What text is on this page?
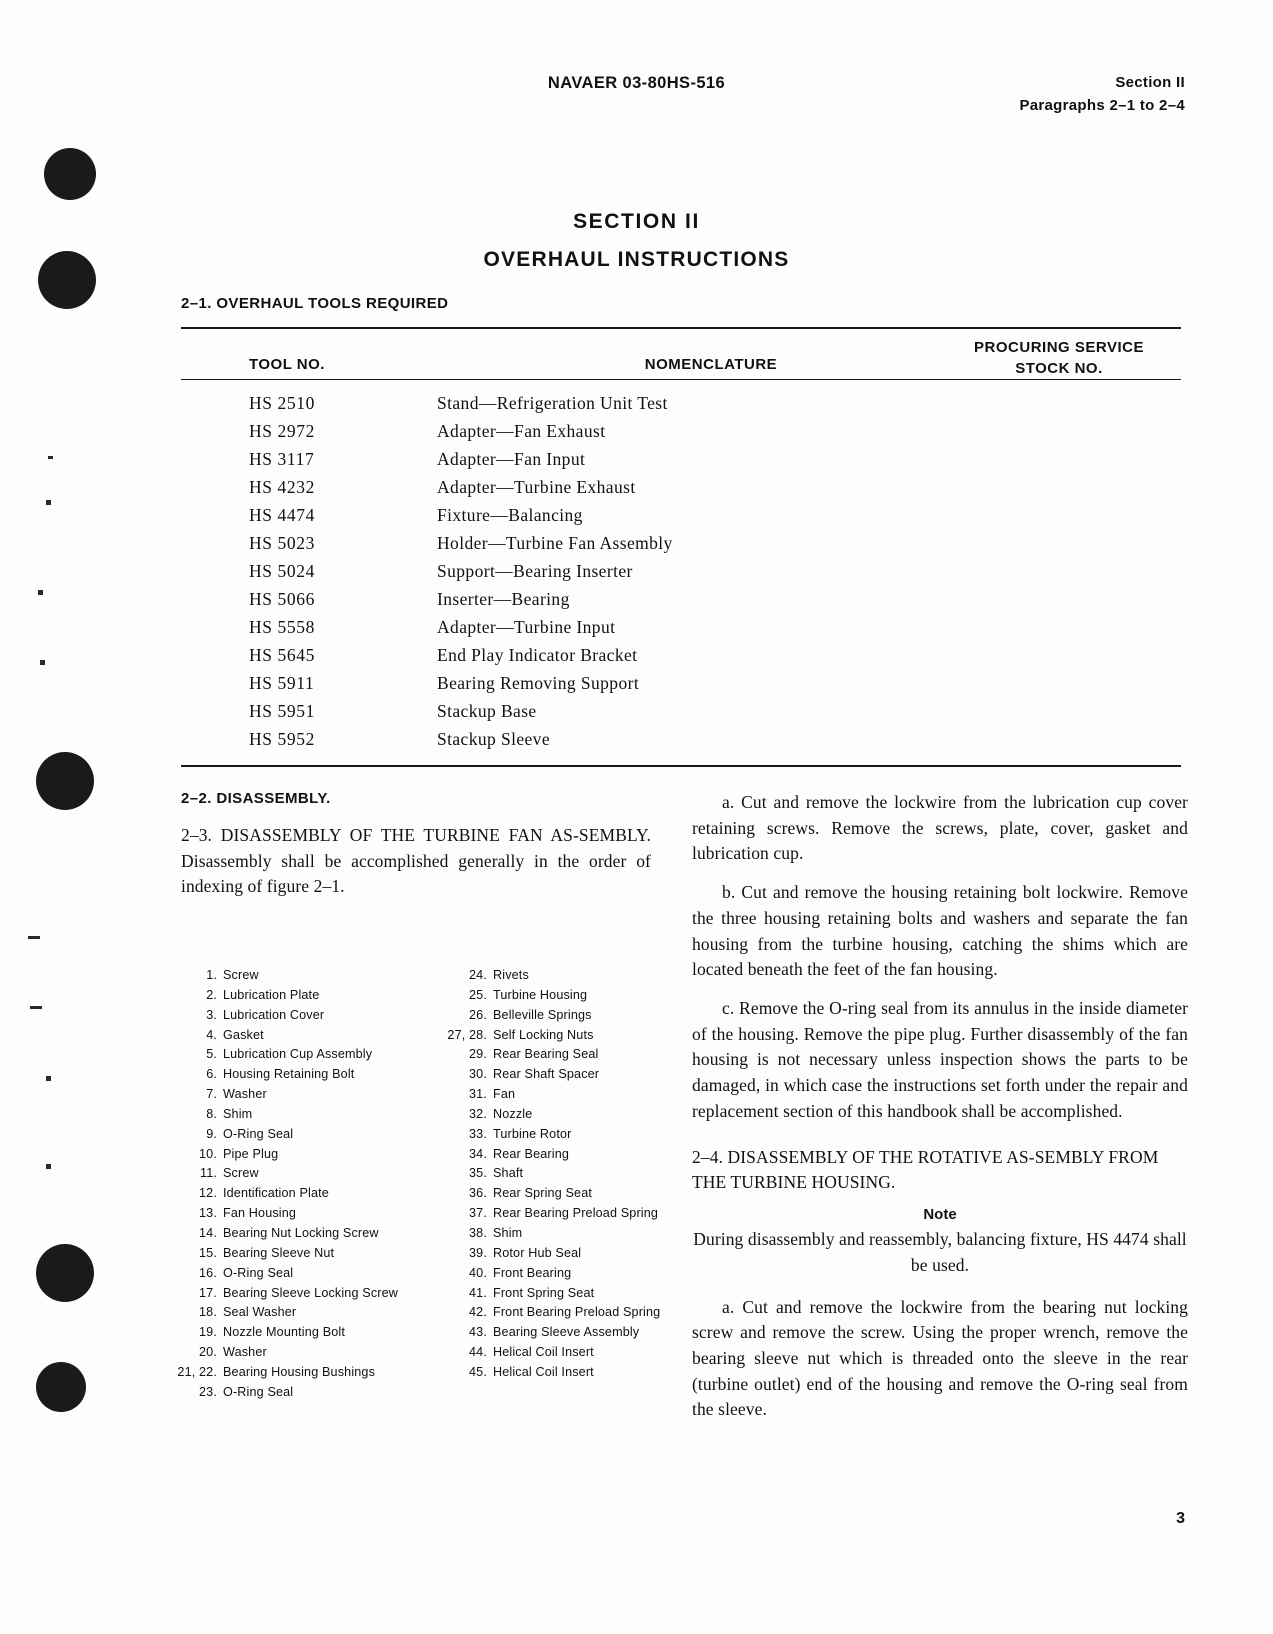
NAVAER 03-80HS-516	Section II
Paragraphs 2–1 to 2–4
SECTION II
OVERHAUL INSTRUCTIONS
2–1. OVERHAUL TOOLS REQUIRED
TOOL NO.	NOMENCLATURE
PROCURING SERVICE
STOCK NO.
HS 2510	Stand—Refrigeration Unit Test
HS 2972	Adapter—Fan Exhaust
HS 3117	Adapter—Fan Input
HS 4232	Adapter—Turbine Exhaust
HS 4474	Fixture—Balancing
HS 5023	Holder—Turbine Fan Assembly
HS 5024	Support—Bearing Inserter
HS 5066	Inserter—Bearing
HS 5558	Adapter—Turbine Input
HS 5645	End Play Indicator Bracket
HS 5911	Bearing Removing Support
HS 5951	Stackup Base
HS 5952	Stackup Sleeve
2–2. DISASSEMBLY.
2–3. DISASSEMBLY OF THE TURBINE FAN AS-SEMBLY. Disassembly shall be accomplished generally in the order of indexing of figure 2–1.
1. Screw
2. Lubrication Plate
3. Lubrication Cover
4. Gasket
5. Lubrication Cup Assembly
6. Housing Retaining Bolt
7. Washer
8. Shim
9. O-Ring Seal
10. Pipe Plug
11. Screw
12. Identification Plate
13. Fan Housing
14. Bearing Nut Locking Screw
15. Bearing Sleeve Nut
16. O-Ring Seal
17. Bearing Sleeve Locking Screw
18. Seal Washer
19. Nozzle Mounting Bolt
20. Washer
21, 22. Bearing Housing Bushings
23. O-Ring Seal
24. Rivets
25. Turbine Housing
26. Belleville Springs
27, 28. Self Locking Nuts
29. Rear Bearing Seal
30. Rear Shaft Spacer
31. Fan
32. Nozzle
33. Turbine Rotor
34. Rear Bearing
35. Shaft
36. Rear Spring Seat
37. Rear Bearing Preload Spring
38. Shim
39. Rotor Hub Seal
40. Front Bearing
41. Front Spring Seat
42. Front Bearing Preload Spring
43. Bearing Sleeve Assembly
44. Helical Coil Insert
45. Helical Coil Insert
a. Cut and remove the lockwire from the lubrication cup cover retaining screws. Remove the screws, plate, cover, gasket and lubrication cup.
b. Cut and remove the housing retaining bolt lockwire. Remove the three housing retaining bolts and washers and separate the fan housing from the turbine housing, catching the shims which are located beneath the feet of the fan housing.
c. Remove the O-ring seal from its annulus in the inside diameter of the housing. Remove the pipe plug. Further disassembly of the fan housing is not necessary unless inspection shows the parts to be damaged, in which case the instructions set forth under the repair and replacement section of this handbook shall be accomplished.
2–4. DISASSEMBLY OF THE ROTATIVE AS-SEMBLY FROM THE TURBINE HOUSING.
Note
During disassembly and reassembly, balancing fixture, HS 4474 shall be used.
a. Cut and remove the lockwire from the bearing nut locking screw and remove the screw. Using the proper wrench, remove the bearing sleeve nut which is threaded onto the sleeve in the rear (turbine outlet) end of the housing and remove the O-ring seal from the sleeve.
3
